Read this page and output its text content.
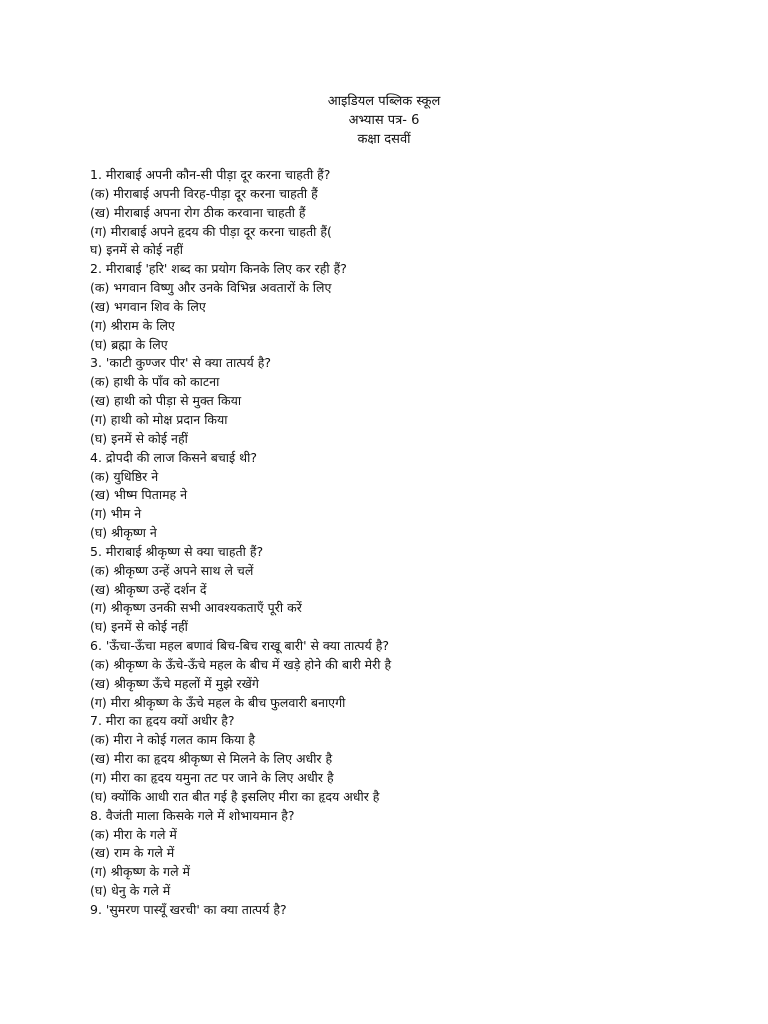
आइडियल पब्लिक स्कूल
अभ्यास पत्र- 6
कक्षा दसवीं
1. मीराबाई अपनी कौन-सी पीड़ा दूर करना चाहती हैं?
(क) मीराबाई अपनी विरह-पीड़ा दूर करना चाहती हैं
(ख) मीराबाई अपना रोग ठीक करवाना चाहती हैं
(ग) मीराबाई अपने हृदय की पीड़ा दूर करना चाहती हैं(
घ) इनमें से कोई नहीं
2. मीराबाई 'हरि' शब्द का प्रयोग किनके लिए कर रही हैं?
(क) भगवान विष्णु और उनके विभिन्न अवतारों के लिए
(ख) भगवान शिव के लिए
(ग) श्रीराम के लिए
(घ) ब्रह्मा के लिए
3. 'काटी कुण्जर पीर' से क्या तात्पर्य है?
(क) हाथी के पाँव को काटना
(ख) हाथी को पीड़ा से मुक्त किया
(ग) हाथी को मोक्ष प्रदान किया
(घ) इनमें से कोई नहीं
4. द्रोपदी की लाज किसने बचाई थी?
(क) युधिष्ठिर ने
(ख) भीष्म पितामह ने
(ग) भीम ने
(घ) श्रीकृष्ण ने
5. मीराबाई श्रीकृष्ण से क्या चाहती हैं?
(क) श्रीकृष्ण उन्हें अपने साथ ले चलें
(ख) श्रीकृष्ण उन्हें दर्शन दें
(ग) श्रीकृष्ण उनकी सभी आवश्यकताएँ पूरी करें
(घ) इनमें से कोई नहीं
6. 'ऊँचा-ऊँचा महल बणावं बिच-बिच राखू बारी' से क्या तात्पर्य है?
(क) श्रीकृष्ण के ऊँचे-ऊँचे महल के बीच में खड़े होने की बारी मेरी है
(ख) श्रीकृष्ण ऊँचे महलों में मुझे रखेंगे
(ग) मीरा श्रीकृष्ण के ऊँचे महल के बीच फुलवारी बनाएगी
7. मीरा का हृदय क्यों अधीर है?
(क) मीरा ने कोई गलत काम किया है
(ख) मीरा का हृदय श्रीकृष्ण से मिलने के लिए अधीर है
(ग) मीरा का हृदय यमुना तट पर जाने के लिए अधीर है
(घ) क्योंकि आधी रात बीत गई है इसलिए मीरा का हृदय अधीर है
8. वैजंती माला किसके गले में शोभायमान है?
(क) मीरा के गले में
(ख) राम के गले में
(ग) श्रीकृष्ण के गले में
(घ) धेनु के गले में
9. 'सुमरण पास्यूँ खरची' का क्या तात्पर्य है?
